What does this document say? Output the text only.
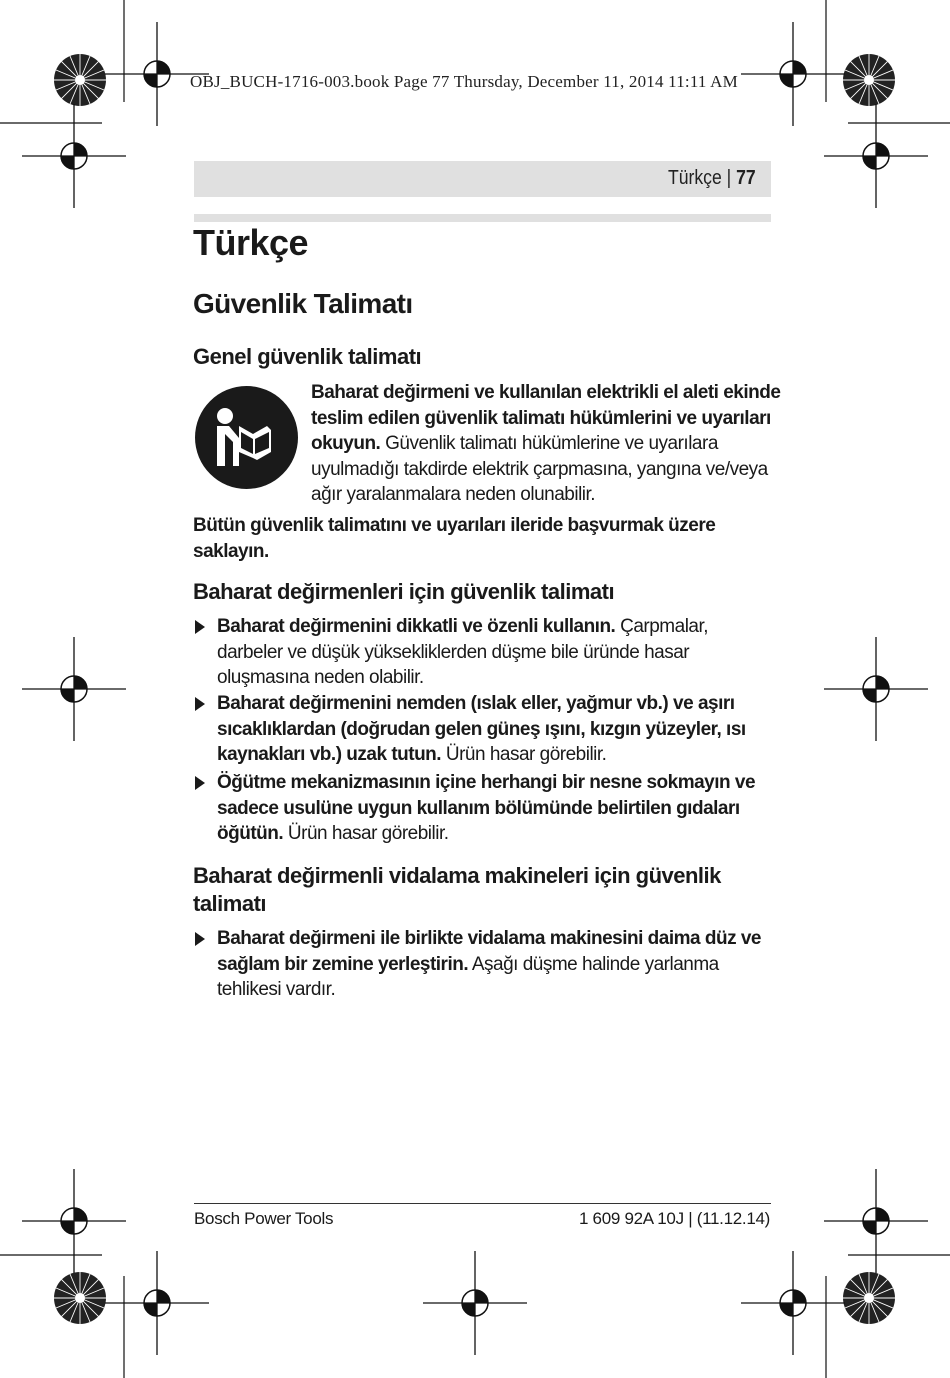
OBJ_BUCH-1716-003.book Page 77 Thursday, December 11, 2014 11:11 AM
Türkçe | 77
Türkçe
Güvenlik Talimatı
Genel güvenlik talimatı
Baharat değirmeni ve kullanılan elektrikli el aleti ekinde teslim edilen güvenlik talimatı hükümlerini ve uyarıları okuyun. Güvenlik talimatı hükümlerine ve uyarılara uyulmadığı takdirde elektrik çarpmasına, yangına ve/veya ağır yaralanmalara neden olunabilir.
Bütün güvenlik talimatını ve uyarıları ileride başvurmak üzere saklayın.
Baharat değirmenleri için güvenlik talimatı
Baharat değirmenini dikkatli ve özenli kullanın. Çarpmalar, darbeler ve düşük yüksekliklerden düşme bile üründe hasar oluşmasına neden olabilir.
Baharat değirmenini nemden (ıslak eller, yağmur vb.) ve aşırı sıcaklıklardan (doğrudan gelen güneş ışını, kızgın yüzeyler, ısı kaynakları vb.) uzak tutun. Ürün hasar görebilir.
Öğütme mekanizmasının içine herhangi bir nesne sokmayın ve sadece usulüne uygun kullanım bölümünde belirtilen gıdaları öğütün. Ürün hasar görebilir.
Baharat değirmenli vidalama makineleri için güvenlik talimatı
Baharat değirmeni ile birlikte vidalama makinesini daima düz ve sağlam bir zemine yerleştirin. Aşağı düşme halinde yarlanma tehlikesi vardır.
Bosch Power Tools	1 609 92A 10J | (11.12.14)
